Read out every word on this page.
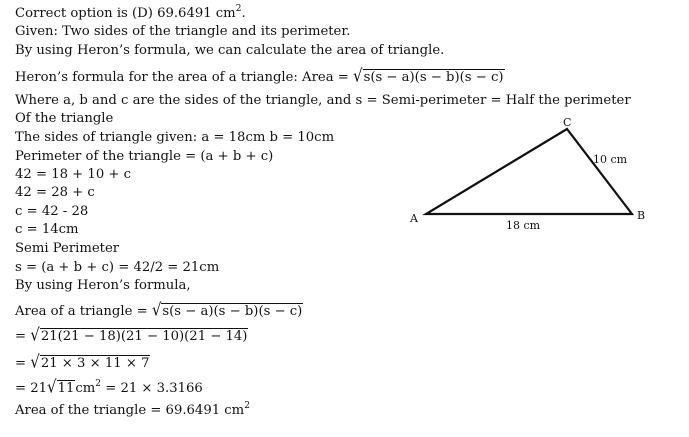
Correct option is (D) 69.6491 $cm^2$.
Given: Two sides of the triangle and its perimeter.
By using Heron’s formula, we can calculate the area of triangle.
Heron’s formula for the area of a triangle: Area = √s(s − a)(s − b)(s − c)
Where a, b and c are the sides of the triangle, and s = Semi-perimeter = Half the perimeter
Of the triangle
The sides of triangle given: a = 18cm b = 10cm
Perimeter of the triangle = (a + b + c)
42 = 18 + 10 + c
42 = 28 + c
c = 42 - 28
c = 14cm
Semi Perimeter
s = (a + b + c) = 42/2 = 21cm
By using Heron’s formula,
Area of a triangle = √s(s − a)(s − b)(s − c)
= √21(21 − 18)(21 − 10)(21 − 14)
= √21 × 3 × 11 × 7
= $21√11cm^2 = 21 \times 3.3166$
Area of the triangle = 69.6491 $cm^2$
A	B
C
18 cm
10 cm
